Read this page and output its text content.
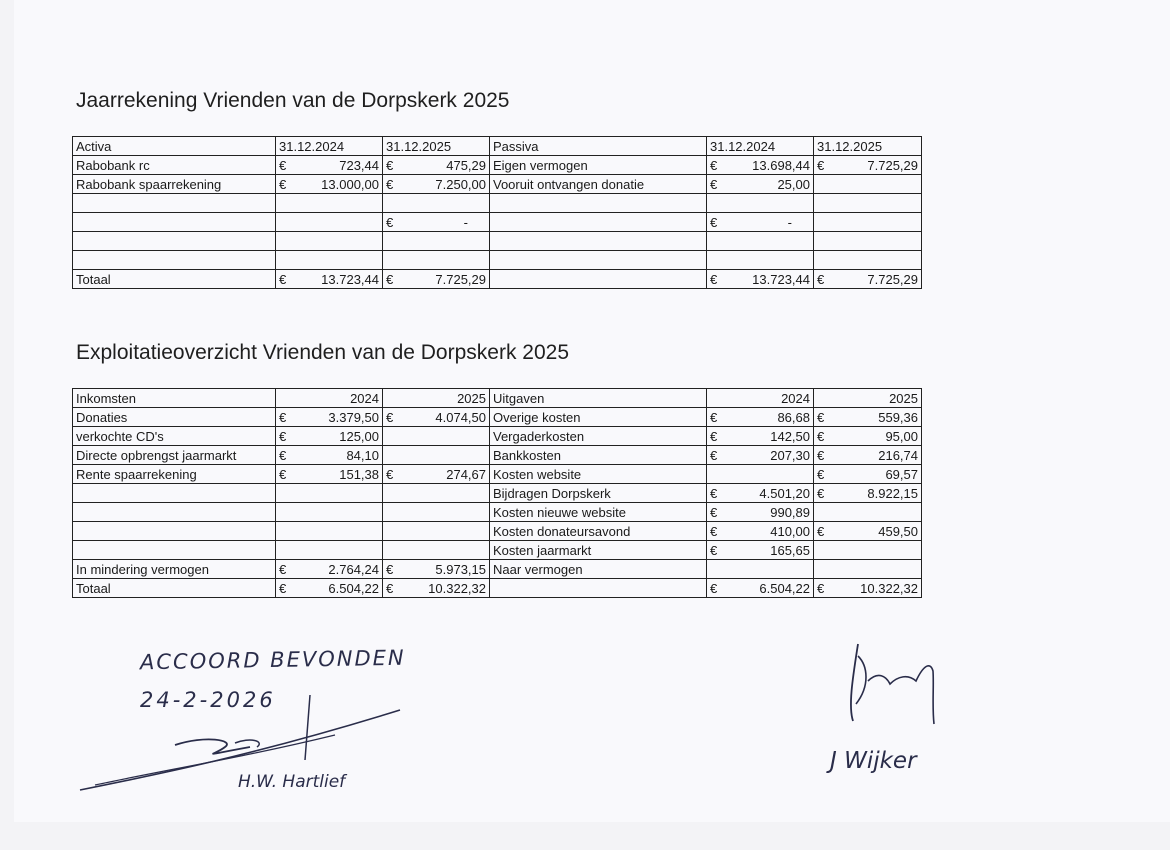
Jaarrekening Vrienden van de Dorpskerk 2025
Activa	31.12.2024	31.12.2025	Passiva	31.12.2024	31.12.2025
Rabobank rc	€ 723,44	€ 475,29	Eigen vermogen	€ 13.698,44	€ 7.725,29

Rabobank spaarrekening	€ 13.000,00	€ 7.250,00	Vooruit ontvangen donatie	€ 25,00	

		€ -		€ -	

Totaal	€ 13.723,44	€ 7.725,29		€ 13.723,44	€ 7.725,29
Exploitatieoverzicht Vrienden van de Dorpskerk 2025
Inkomsten	2024	2025	Uitgaven	2024	2025
Donaties	€ 3.379,50	€ 4.074,50	Overige kosten	€ 86,68	€ 559,36

verkochte CD's	€ 125,00		Vergaderkosten	€ 142,50	€ 95,00

Directe opbrengst jaarmarkt	€ 84,10		Bankkosten	€ 207,30	€ 216,74

Rente spaarrekening	€ 151,38	€ 274,67	Kosten website		€ 69,57

			Bijdragen Dorpskerk	€ 4.501,20	€ 8.922,15

			Kosten nieuwe website	€ 990,89	

			Kosten donateursavond	€ 410,00	€ 459,50

			Kosten jaarmarkt	€ 165,65	

In mindering vermogen	€ 2.764,24	€ 5.973,15	Naar vermogen		
Totaal	€ 6.504,22	€ 10.322,32		€ 6.504,22	€ 10.322,32
ACCOORD BEVONDEN
24-2-2026
H.W. Hartlief
J Wijker
